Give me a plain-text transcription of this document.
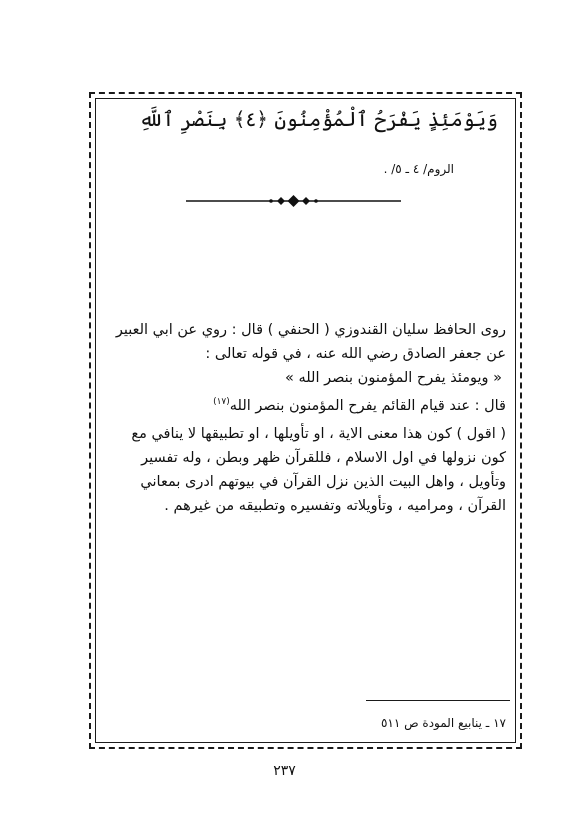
وَيَوْمَئِذٍ يَفْرَحُ ٱلْمُؤْمِنُونَ ﴿٤﴾ بِنَصْرِ ٱللَّهِ
الروم/ ٤ ـ ٥/ .
روى الحافظ سليان القندوزي ( الحنفي ) قال : روي عن ابي العبير
عن جعفر الصادق رضي الله عنه ، في قوله تعالى :
« ويومئذ يفرح المؤمنون بنصر الله »
قال : عند قيام القائم يفرح المؤمنون بنصر الله$^{(١٧)}$
( اقول ) كون هذا معنى الاية ، او تأويلها ، او تطبيقها لا ينافي مع
كون نزولها في اول الاسلام ، فللقرآن ظهر وبطن ، وله تفسير
وتأويل ، واهل البيت الذين نزل القرآن في بيوتهم ادرى بمعاني
القرآن ، ومراميه ، وتأويلاته وتفسيره وتطبيقه من غيرهم .
١٧ ـ ينابيع المودة ص ٥١١
٢٣٧
